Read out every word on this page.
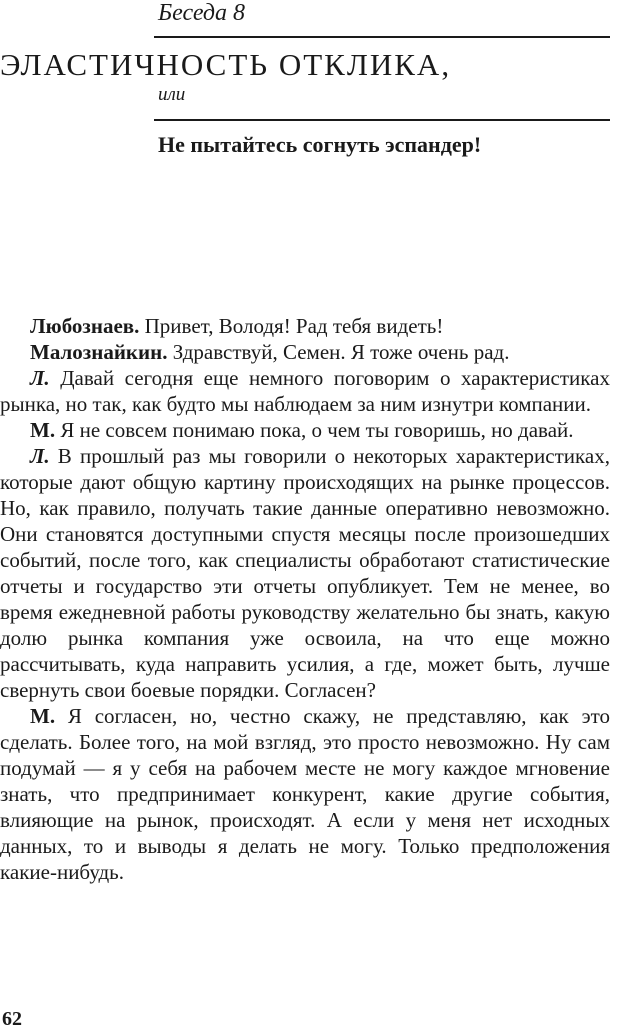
Беседа 8
ЭЛАСТИЧНОСТЬ ОТКЛИКА,
или
Не пытайтесь согнуть эспандер!

Любознаев. Привет, Володя! Рад тебя видеть!

Малознайкин. Здравствуй, Семен. Я тоже очень рад.

Л. Давай сегодня еще немного поговорим о характеристиках рынка, но так, как будто мы наблюдаем за ним изнутри компании.

М. Я не совсем понимаю пока, о чем ты говоришь, но давай.

Л. В прошлый раз мы говорили о некоторых характеристиках, которые дают общую картину происходящих на рынке процессов. Но, как правило, получать такие данные оперативно невозможно. Они становятся доступными спустя месяцы после произошедших событий, после того, как специалисты обработают статистические отчеты и государство эти отчеты опубликует. Тем не менее, во время ежедневной работы руководству желательно бы знать, какую долю рынка компания уже освоила, на что еще можно рассчитывать, куда направить усилия, а где, может быть, лучше свернуть свои боевые порядки. Согласен?

М. Я согласен, но, честно скажу, не представляю, как это сделать. Более того, на мой взгляд, это просто невозможно. Ну сам подумай — я у себя на рабочем месте не могу каждое мгновение знать, что предпринимает конкурент, какие другие события, влияющие на рынок, происходят. А если у меня нет исходных данных, то и выводы я делать не могу. Только предположения какие-нибудь.

62
